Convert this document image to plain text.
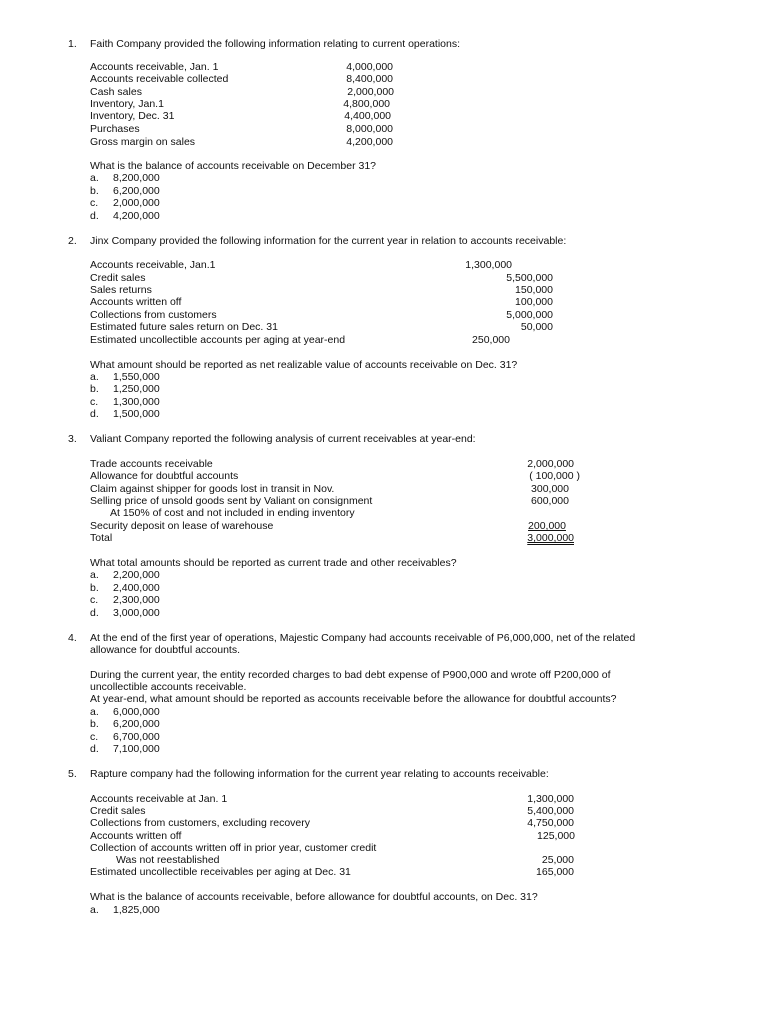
1. Faith Company provided the following information relating to current operations:
Accounts receivable, Jan. 1	4,000,000
Accounts receivable collected	8,400,000
Cash sales	2,000,000
Inventory, Jan.1	4,800,000
Inventory, Dec. 31	4,400,000
Purchases	8,000,000
Gross margin on sales	4,200,000
What is the balance of accounts receivable on December 31?
a. 8,200,000
b. 6,200,000
c. 2,000,000
d. 4,200,000
2. Jinx Company provided the following information for the current year in relation to accounts receivable:
Accounts receivable, Jan.1	1,300,000
Credit sales	5,500,000
Sales returns	150,000
Accounts written off	100,000
Collections from customers	5,000,000
Estimated future sales return on Dec. 31	50,000
Estimated uncollectible accounts per aging at year-end	250,000
What amount should be reported as net realizable value of accounts receivable on Dec. 31?
a. 1,550,000
b. 1,250,000
c. 1,300,000
d. 1,500,000
3. Valiant Company reported the following analysis of current receivables at year-end:
Trade accounts receivable	2,000,000
Allowance for doubtful accounts	( 100,000 )
Claim against shipper for goods lost in transit in Nov.	300,000
Selling price of unsold goods sent by Valiant on consignment	600,000
At 150% of cost and not included in ending inventory
Security deposit on lease of warehouse	200,000
Total	3,000,000
What total amounts should be reported as current trade and other receivables?
a. 2,200,000
b. 2,400,000
c. 2,300,000
d. 3,000,000
4. At the end of the first year of operations, Majestic Company had accounts receivable of P6,000,000, net of the related
allowance for doubtful accounts.
During the current year, the entity recorded charges to bad debt expense of P900,000 and wrote off P200,000 of
uncollectible accounts receivable.
At year-end, what amount should be reported as accounts receivable before the allowance for doubtful accounts?
a. 6,000,000
b. 6,200,000
c. 6,700,000
d. 7,100,000
5. Rapture company had the following information for the current year relating to accounts receivable:
Accounts receivable at Jan. 1	1,300,000
Credit sales	5,400,000
Collections from customers, excluding recovery	4,750,000
Accounts written off	125,000
Collection of accounts written off in prior year, customer credit
Was not reestablished	25,000
Estimated uncollectible receivables per aging at Dec. 31	165,000
What is the balance of accounts receivable, before allowance for doubtful accounts, on Dec. 31?
a. 1,825,000
